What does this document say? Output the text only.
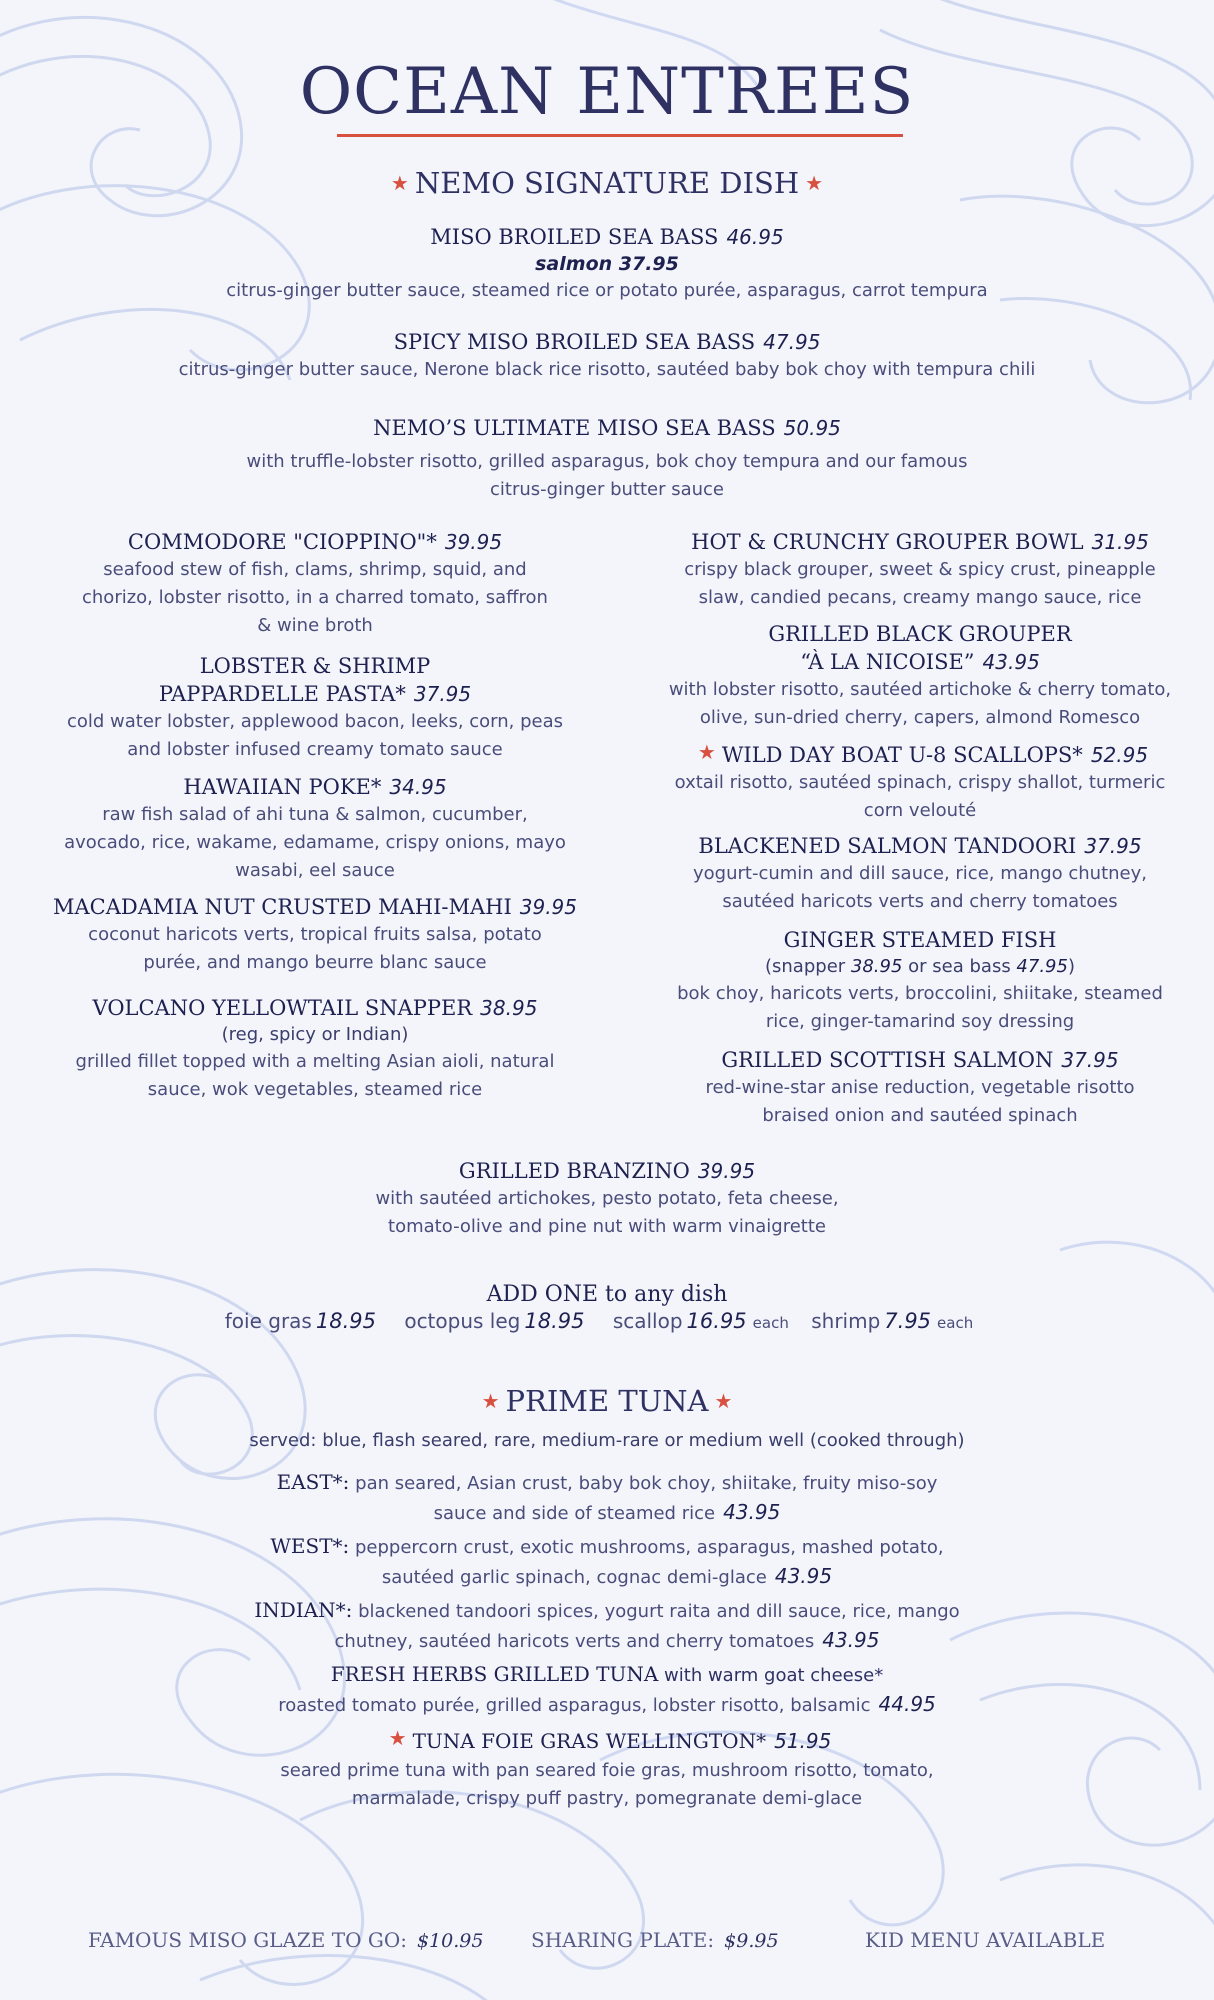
OCEAN ENTREES
★ NEMO SIGNATURE DISH ★
MISO BROILED SEA BASS 46.95
salmon 37.95
citrus-ginger butter sauce, steamed rice or potato purée, asparagus, carrot tempura
SPICY MISO BROILED SEA BASS 47.95
citrus-ginger butter sauce, Nerone black rice risotto, sautéed baby bok choy with tempura chili
NEMO’S ULTIMATE MISO SEA BASS 50.95
with truffle-lobster risotto, grilled asparagus, bok choy tempura and our famous
citrus-ginger butter sauce
COMMODORE "CIOPPINO"* 39.95
seafood stew of fish, clams, shrimp, squid, and
chorizo, lobster risotto, in a charred tomato, saffron
& wine broth
LOBSTER & SHRIMP
PAPPARDELLE PASTA* 37.95
cold water lobster, applewood bacon, leeks, corn, peas
and lobster infused creamy tomato sauce
HAWAIIAN POKE* 34.95
raw fish salad of ahi tuna & salmon, cucumber,
avocado, rice, wakame, edamame, crispy onions, mayo
wasabi, eel sauce
MACADAMIA NUT CRUSTED MAHI-MAHI 39.95
coconut haricots verts, tropical fruits salsa, potato
purée, and mango beurre blanc sauce
VOLCANO YELLOWTAIL SNAPPER 38.95
(reg, spicy or Indian)
grilled fillet topped with a melting Asian aioli, natural
sauce, wok vegetables, steamed rice
HOT & CRUNCHY GROUPER BOWL 31.95
crispy black grouper, sweet & spicy crust, pineapple
slaw, candied pecans, creamy mango sauce, rice
GRILLED BLACK GROUPER
“À LA NICOISE” 43.95
with lobster risotto, sautéed artichoke & cherry tomato,
olive, sun-dried cherry, capers, almond Romesco
★ WILD DAY BOAT U-8 SCALLOPS* 52.95
oxtail risotto, sautéed spinach, crispy shallot, turmeric
corn velouté
BLACKENED SALMON TANDOORI 37.95
yogurt-cumin and dill sauce, rice, mango chutney,
sautéed haricots verts and cherry tomatoes
GINGER STEAMED FISH
(snapper 38.95 or sea bass 47.95)
bok choy, haricots verts, broccolini, shiitake, steamed
rice, ginger-tamarind soy dressing
GRILLED SCOTTISH SALMON 37.95
red-wine-star anise reduction, vegetable risotto
braised onion and sautéed spinach
GRILLED BRANZINO 39.95
with sautéed artichokes, pesto potato, feta cheese,
tomato-olive and pine nut with warm vinaigrette
ADD ONE to any dish
foie gras 18.95 octopus leg 18.95 scallop 16.95 each shrimp 7.95 each
★ PRIME TUNA ★
served: blue, flash seared, rare, medium-rare or medium well (cooked through)
EAST*: pan seared, Asian crust, baby bok choy, shiitake, fruity miso-soy
sauce and side of steamed rice 43.95
WEST*: peppercorn crust, exotic mushrooms, asparagus, mashed potato,
sautéed garlic spinach, cognac demi-glace 43.95
INDIAN*: blackened tandoori spices, yogurt raita and dill sauce, rice, mango
chutney, sautéed haricots verts and cherry tomatoes 43.95
FRESH HERBS GRILLED TUNA with warm goat cheese*
roasted tomato purée, grilled asparagus, lobster risotto, balsamic 44.95
★ TUNA FOIE GRAS WELLINGTON* 51.95
seared prime tuna with pan seared foie gras, mushroom risotto, tomato,
marmalade, crispy puff pastry, pomegranate demi-glace
FAMOUS MISO GLAZE TO GO: $10.95 SHARING PLATE: $9.95	KID MENU AVAILABLE
